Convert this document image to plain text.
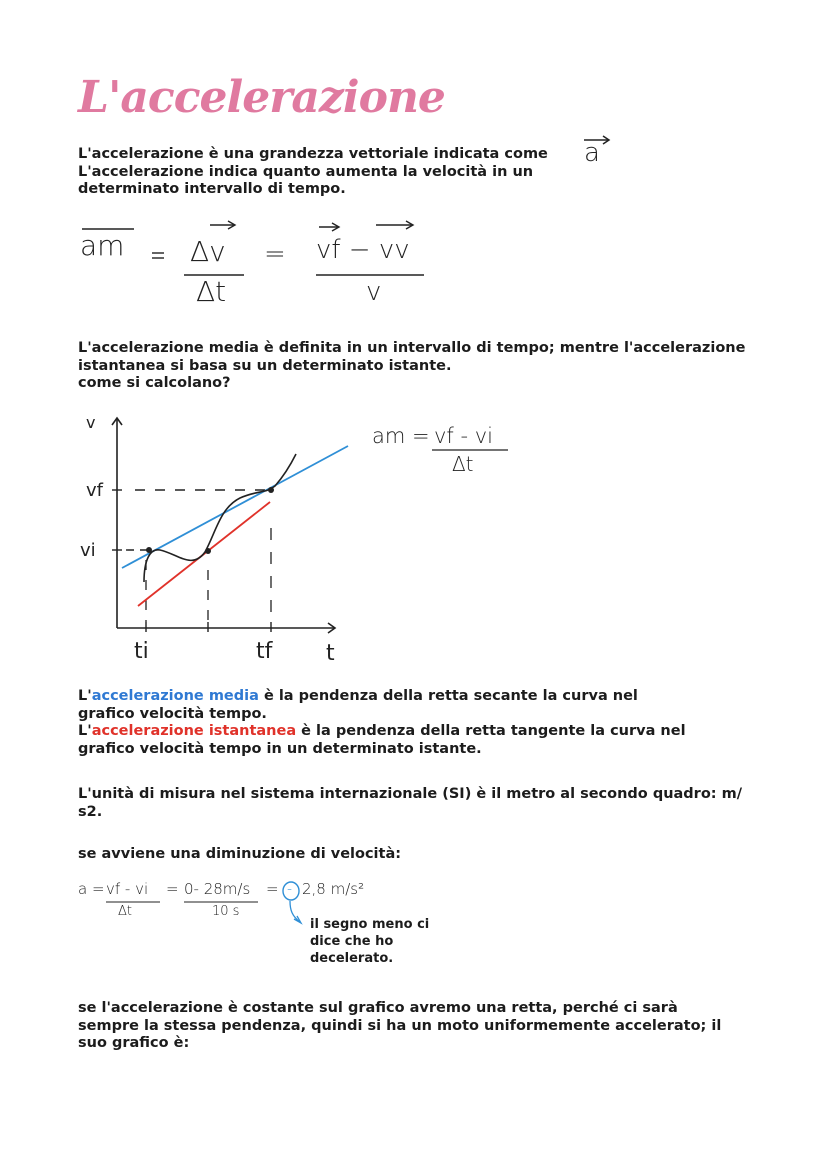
L'accelerazione

L'accelerazione è una grandezza vettoriale indicata come

L'accelerazione indica quanto aumenta la velocità in un

determinato intervallo di tempo.

a
am Δv
Δt
= vf − vv
v

L'accelerazione media è definita in un intervallo di tempo; mentre l'accelerazione

istantanea si basa su un determinato istante.

come si calcolano?

v
t
vf
vi
ti	tf
am = vf - vi
Δt

L'accelerazione media è la pendenza della retta secante la curva nel

grafico velocità tempo.

L'accelerazione istantanea è la pendenza della retta tangente la curva nel

grafico velocità tempo in un determinato istante.

L'unità di misura nel sistema internazionale (SI) è il metro al secondo quadro: m/

s2.

se avviene una diminuzione di velocità:

a = vf - vi
Δt
= 0- 28m/s
10 s
= - 2,8 m/s²
il segno meno ci
dice che ho
decelerato.

se l'accelerazione è costante sul grafico avremo una retta, perché ci sarà

sempre la stessa pendenza, quindi si ha un moto uniformemente accelerato; il

suo grafico è:
